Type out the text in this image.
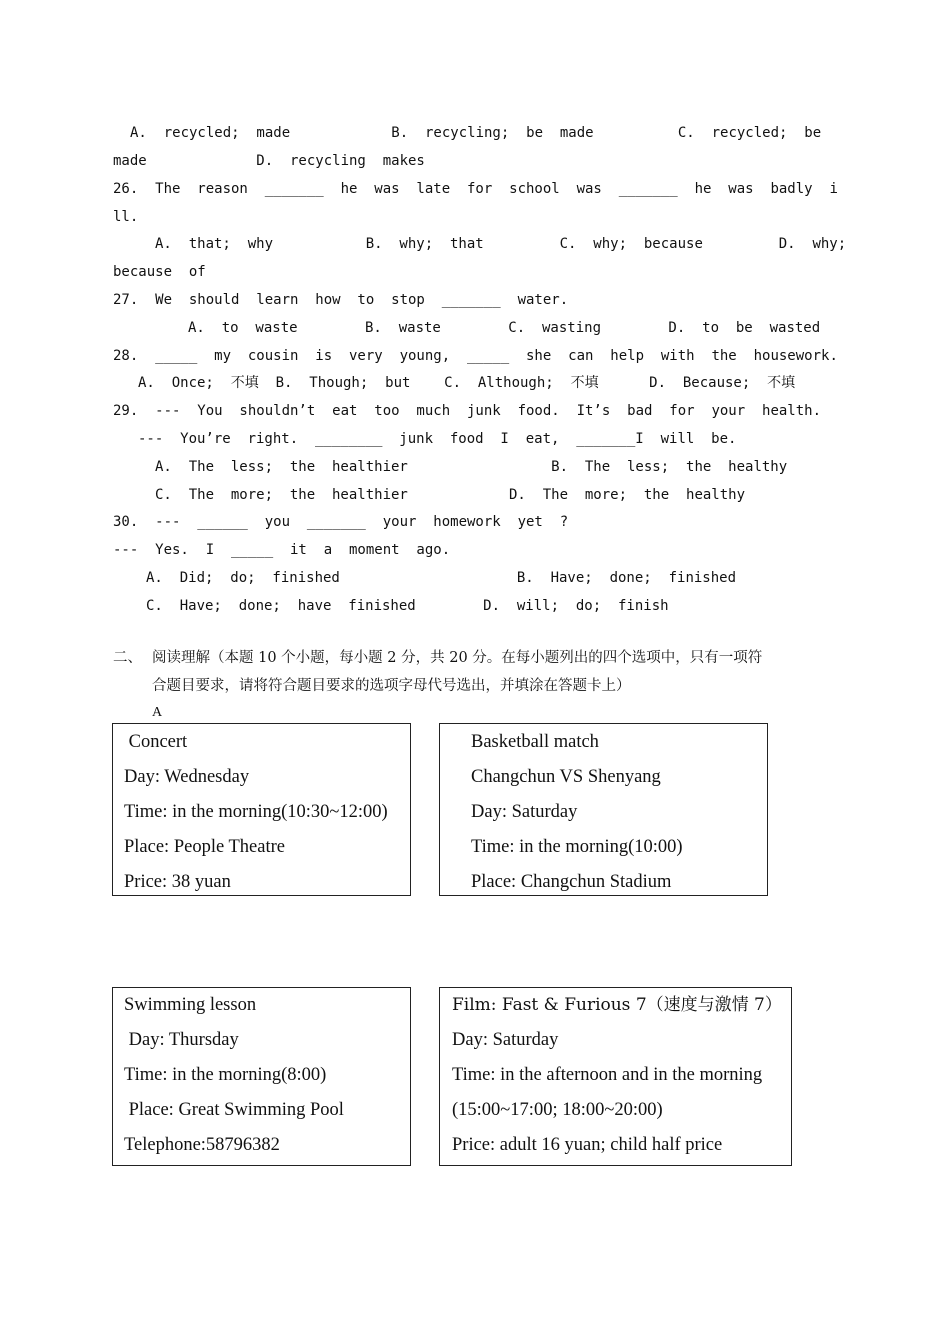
A.  recycled;  made            B.  recycling;  be  made          C.  recycled;  be
made             D.  recycling  makes
26.  The  reason  _______  he  was  late  for  school  was  _______  he  was  badly  i
ll.
A.  that;  why           B.  why;  that         C.  why;  because         D.  why;
because  of
27.  We  should  learn  how  to  stop  _______  water.
A.  to  waste        B.  waste        C.  wasting        D.  to  be  wasted
28.  _____  my  cousin  is  very  young,  _____  she  can  help  with  the  housework.
A.  Once;  不填  B.  Though;  but    C.  Although;  不填      D.  Because;  不填
29.  ---  You  shouldn’t  eat  too  much  junk  food.  It’s  bad  for  your  health.
---  You’re  right.  ________  junk  food  I  eat,  _______I  will  be.
A.  The  less;  the  healthier                 B.  The  less;  the  healthy
C.  The  more;  the  healthier            D.  The  more;  the  healthy
30.  ---  ______  you  _______  your  homework  yet  ?
---  Yes.  I  _____  it  a  moment  ago.
A.  Did;  do;  finished                     B.  Have;  done;  finished
C.  Have;  done;  have  finished        D.  will;  do;  finish
二、 阅读理解（本题 10 个小题，每小题 2 分，共 20 分。在每小题列出的四个选项中，只有一项符
合题目要求，请将符合题目要求的选项字母代号选出，并填涂在答题卡上）
A
Concert
Day: Wednesday
Time: in the morning(10:30~12:00)
Place: People Theatre
Price: 38 yuan
Basketball match
Changchun VS Shenyang
Day: Saturday
Time: in the morning(10:00)
Place: Changchun Stadium
Swimming lesson
Day: Thursday
Time: in the morning(8:00)
Place: Great Swimming Pool
Telephone:58796382
Film: Fast & Furious 7（速度与激情 7）
Day: Saturday
Time: in the afternoon and in the morning
(15:00~17:00; 18:00~20:00)
Price: adult 16 yuan; child half price
